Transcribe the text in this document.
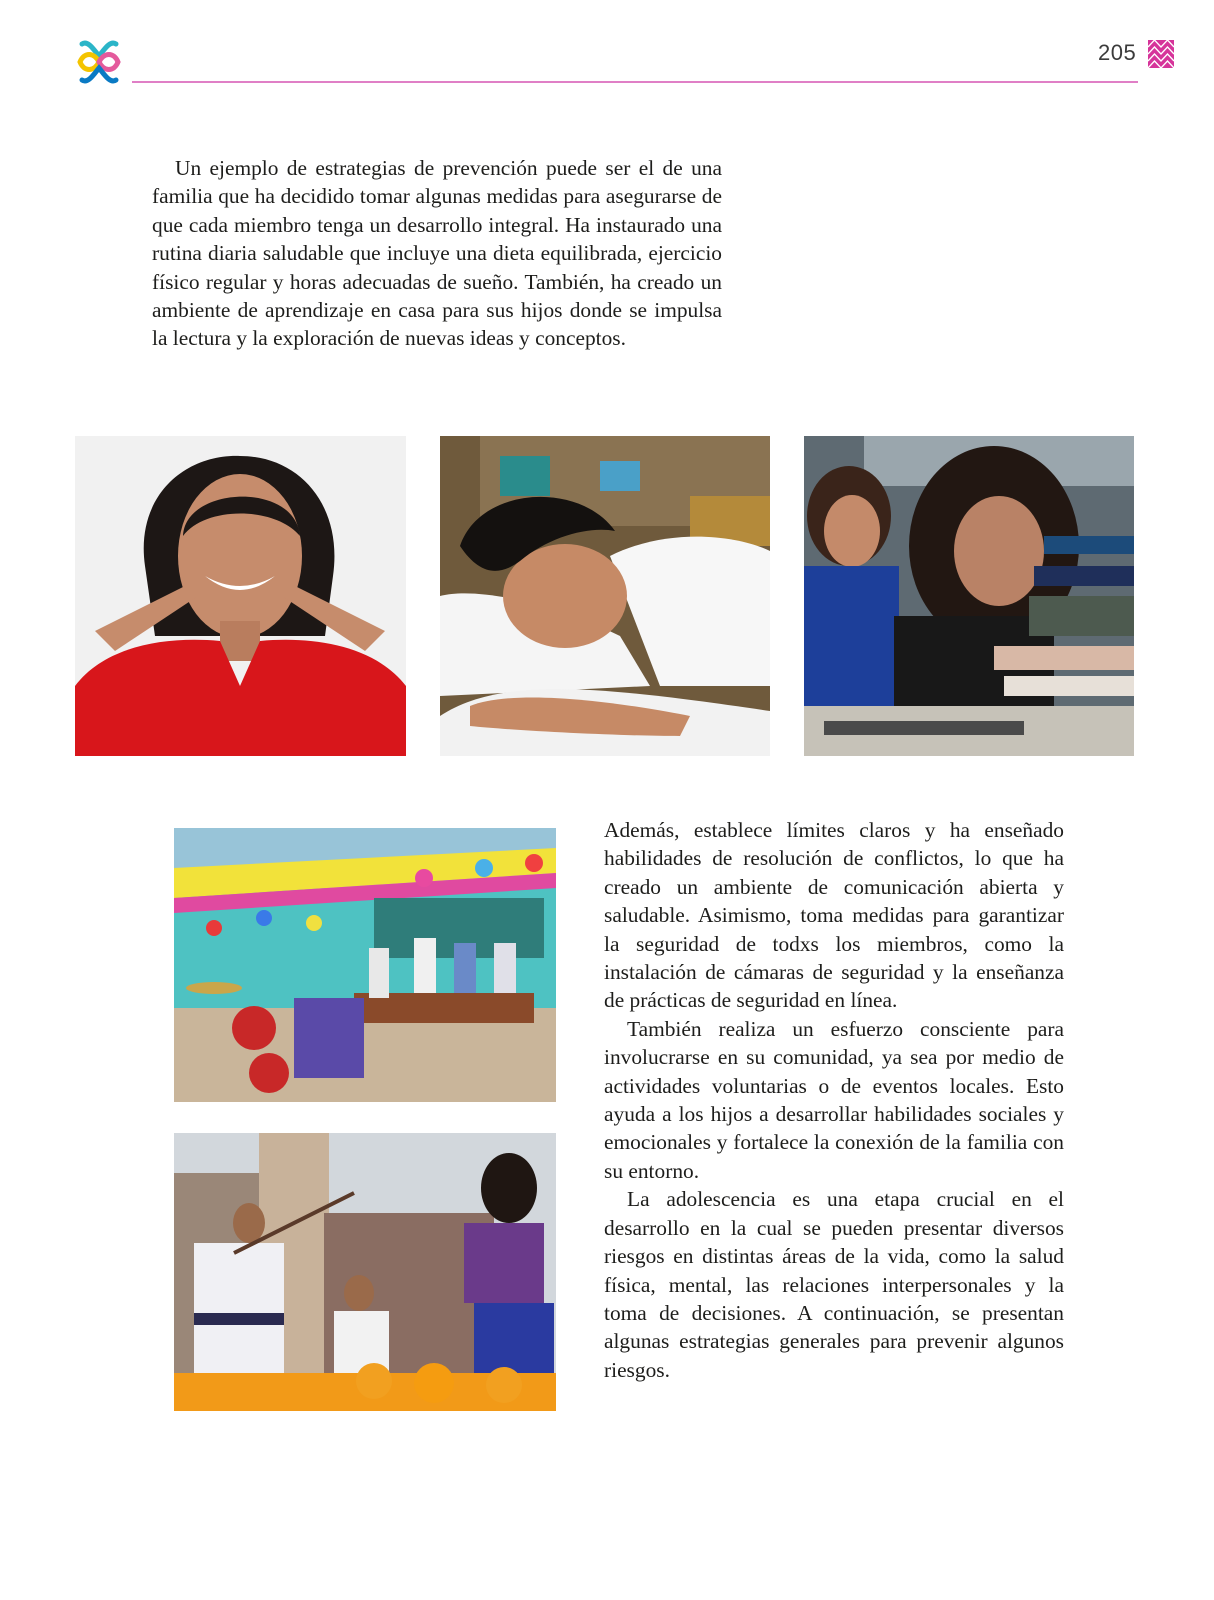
205

Un ejemplo de estrategias de prevención puede ser el de una familia que ha decidido tomar algunas medidas para asegurarse de que cada miembro tenga un desarrollo integral. Ha instaurado una rutina diaria saludable que incluye una dieta equilibrada, ejercicio físico regular y horas adecuadas de sueño. También, ha creado un ambiente de aprendizaje en casa para sus hijos donde se impulsa la lectura y la exploración de nuevas ideas y conceptos.

Además, establece límites claros y ha enseñado habilidades de resolución de conflictos, lo que ha creado un ambiente de comunicación abierta y saludable. Asimismo, toma medidas para garantizar la seguridad de todxs los miembros, como la instalación de cámaras de seguridad y la enseñanza de prácticas de seguridad en línea.

También realiza un esfuerzo consciente para involucrarse en su comunidad, ya sea por medio de actividades voluntarias o de eventos locales. Esto ayuda a los hijos a desarrollar habilidades sociales y emocionales y fortalece la conexión de la familia con su entorno.

La adolescencia es una etapa crucial en el desarrollo en la cual se pueden presentar diversos riesgos en distintas áreas de la vida, como la salud física, mental, las relaciones interpersonales y la toma de decisiones. A continuación, se presentan algunas estrategias generales para prevenir algunos riesgos.
